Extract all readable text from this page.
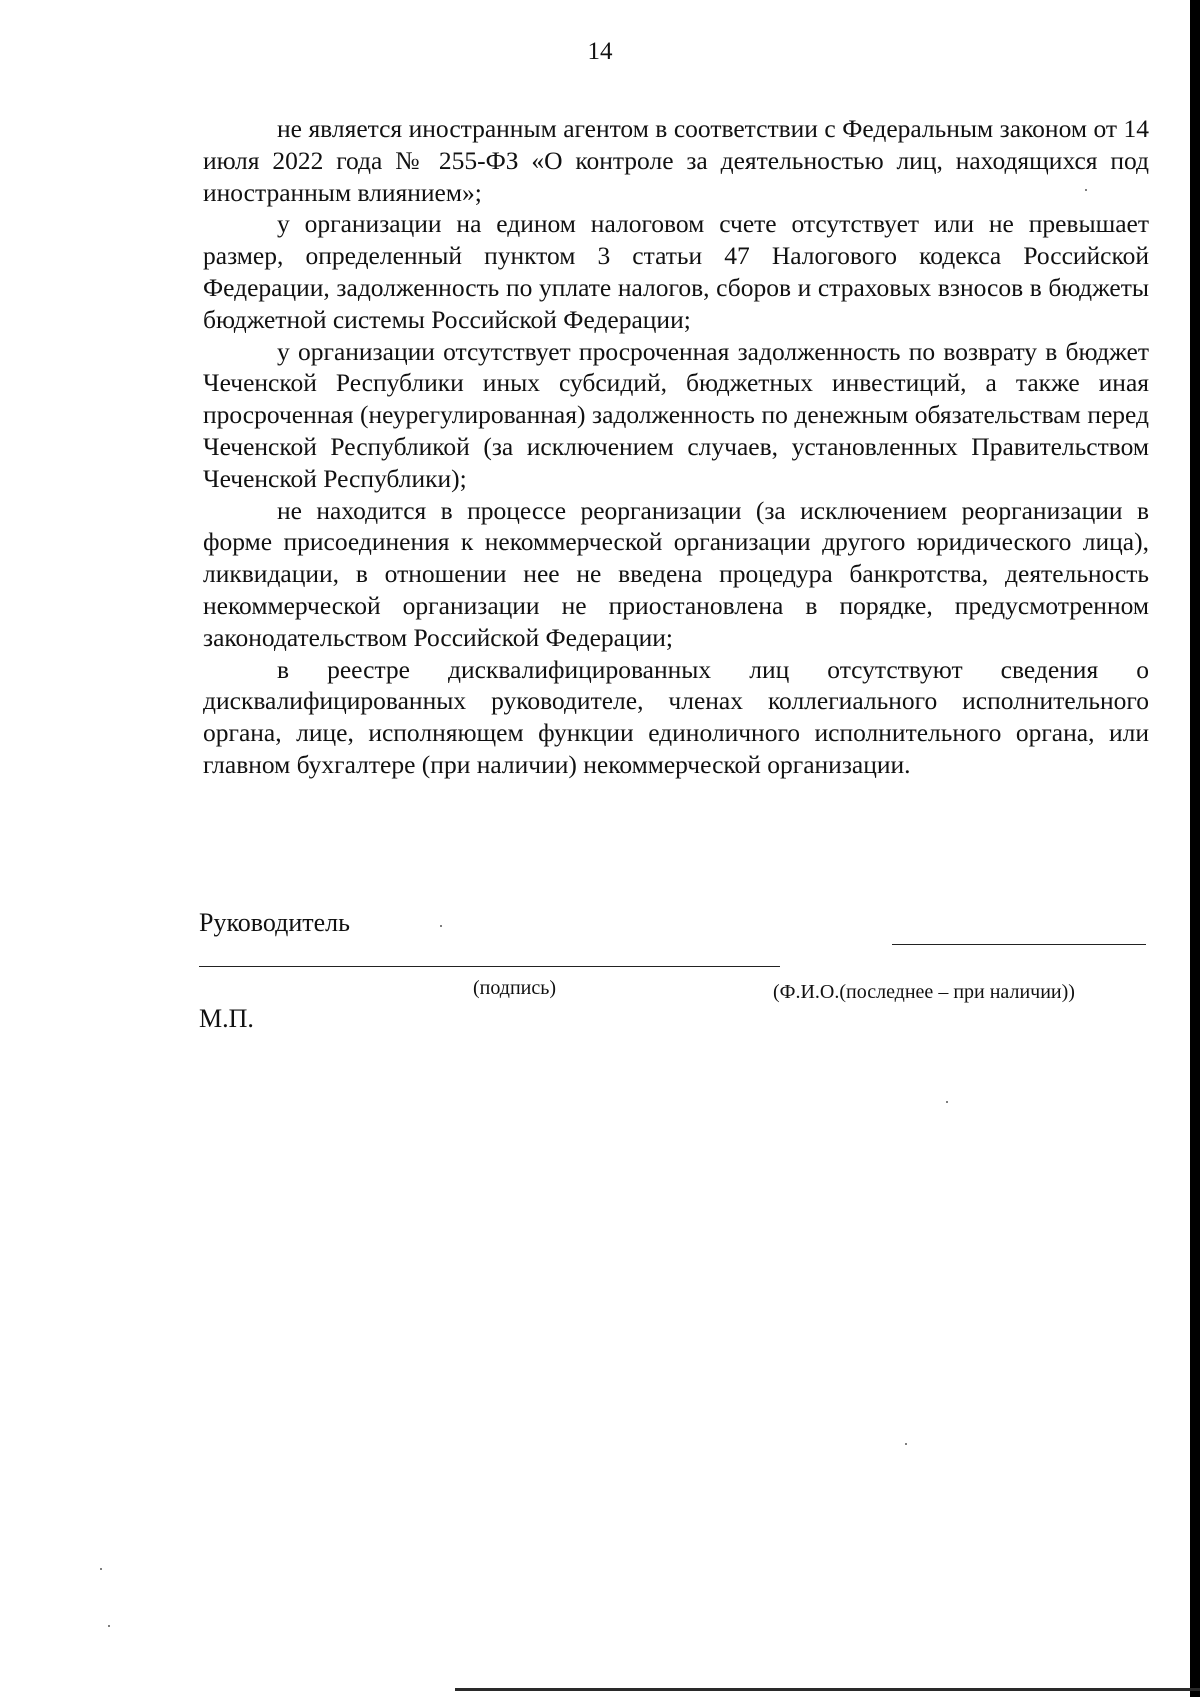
14

не является иностранным агентом в соответствии с Федеральным законом от 14 июля 2022 года № 255-ФЗ «О контроле за деятельностью лиц, находящихся под иностранным влиянием»;

у организации на едином налоговом счете отсутствует или не превышает размер, определенный пунктом 3 статьи 47 Налогового кодекса Российской Федерации, задолженность по уплате налогов, сборов и страховых взносов в бюджеты бюджетной системы Российской Федерации;

у организации отсутствует просроченная задолженность по возврату в бюджет Чеченской Республики иных субсидий, бюджетных инвестиций, а также иная просроченная (неурегулированная) задолженность по денежным обязательствам перед Чеченской Республикой (за исключением случаев, установленных Правительством Чеченской Республики);

не находится в процессе реорганизации (за исключением реорганизации в форме присоединения к некоммерческой организации другого юридического лица), ликвидации, в отношении нее не введена процедура банкротства, деятельность некоммерческой организации не приостановлена в порядке, предусмотренном законодательством Российской Федерации;

в реестре дисквалифицированных лиц отсутствуют сведения о дисквалифицированных руководителе, членах коллегиального исполнительного органа, лице, исполняющем функции единоличного исполнительного органа, или главном бухгалтере (при наличии) некоммерческой организации.

Руководитель
(подпись)	(Ф.И.О.(последнее – при наличии))
М.П.
